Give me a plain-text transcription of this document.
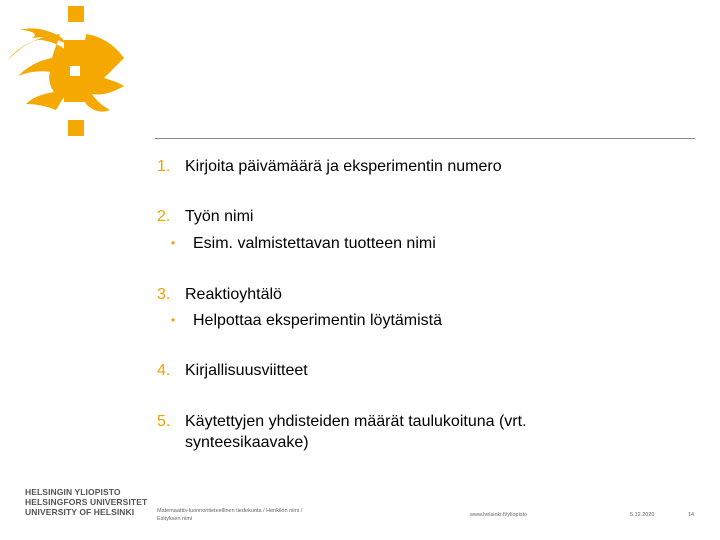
1. Kirjoita päivämäärä ja eksperimentin numero
2. Työn nimi
•	Esim. valmistettavan tuotteen nimi
3. Reaktioyhtälö
•	Helpottaa eksperimentin löytämistä
4. Kirjallisuusviitteet
5. Käytettyjen yhdisteiden määrät taulukoituna (vrt.
synteesikaavake)
HELSINGIN YLIOPISTO
HELSINGFORS UNIVERSITET
UNIVERSITY OF HELSINKI	Matemaattis-luonnontieteellinen tiedekunta / Henkilön nimi /
Esityksen nimi
www.helsinki.fi/yliopisto	5.12.2020	14
